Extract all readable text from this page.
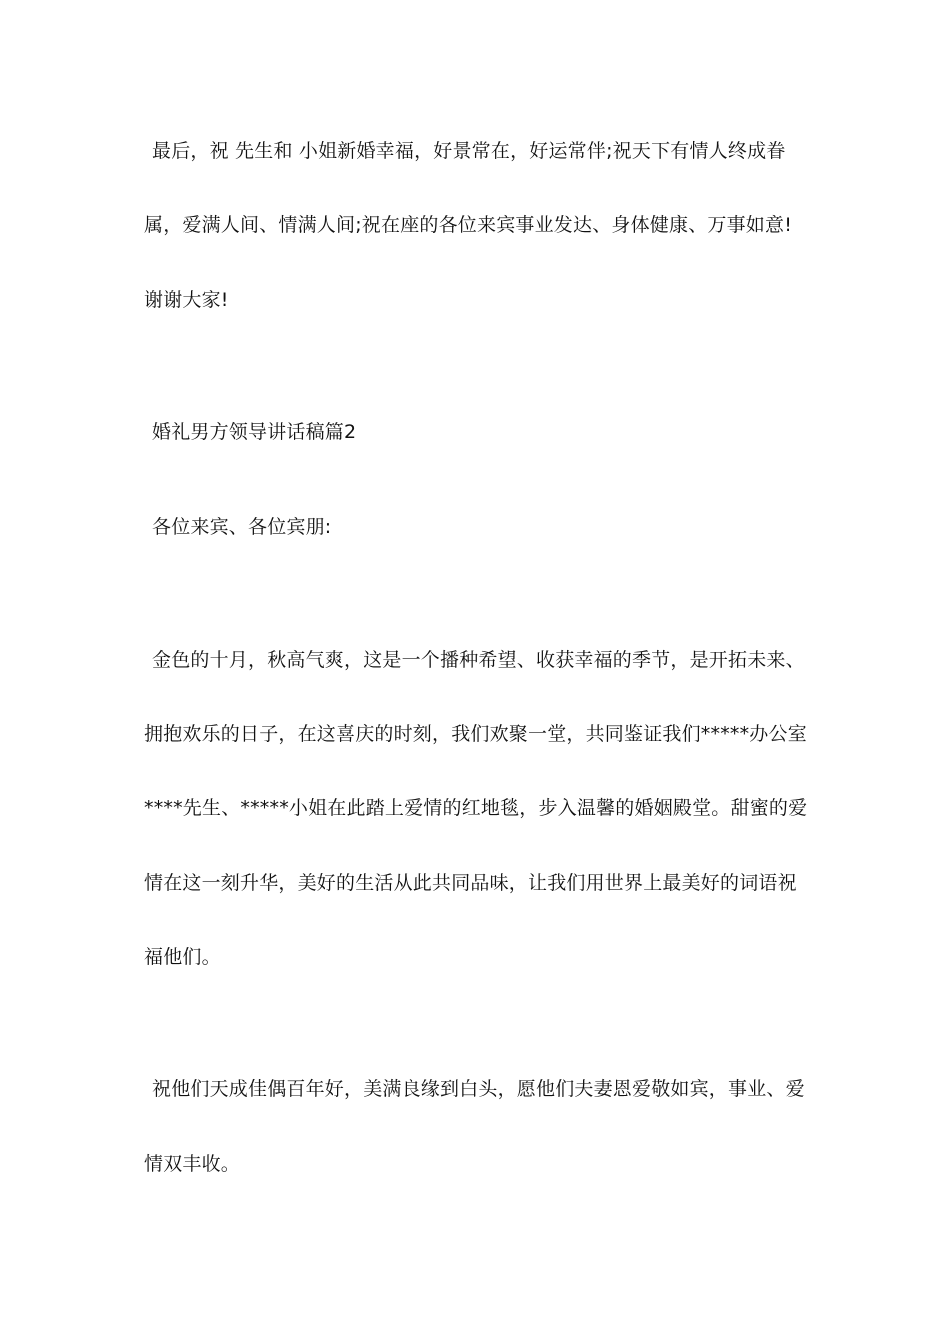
最后，祝 先生和 小姐新婚幸福，好景常在，好运常伴;祝天下有情人终成眷
属，爱满人间、情满人间;祝在座的各位来宾事业发达、身体健康、万事如意!
谢谢大家!
婚礼男方领导讲话稿篇2
各位来宾、各位宾朋:
金色的十月，秋高气爽，这是一个播种希望、收获幸福的季节，是开拓未来、
拥抱欢乐的日子，在这喜庆的时刻，我们欢聚一堂，共同鉴证我们*****办公室
****先生、*****小姐在此踏上爱情的红地毯，步入温馨的婚姻殿堂。甜蜜的爱
情在这一刻升华，美好的生活从此共同品味，让我们用世界上最美好的词语祝
福他们。
祝他们天成佳偶百年好，美满良缘到白头，愿他们夫妻恩爱敬如宾，事业、爱
情双丰收。
